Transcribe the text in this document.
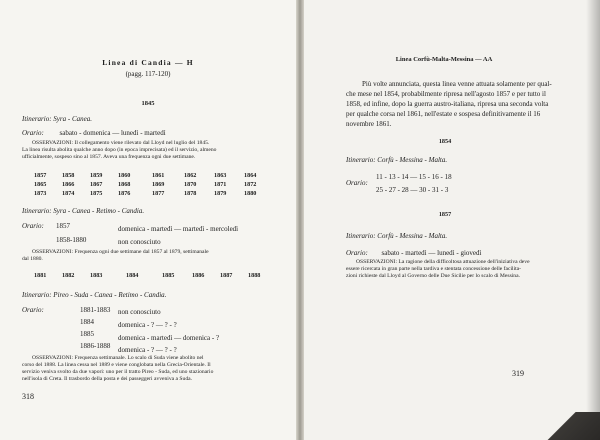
Linea di Candia — H
(pagg. 117-120)
1845
Itinerario: Syra - Canea.
Orario: sabato - domenica — lunedì - martedì
OSSERVAZIONI: Il collegamento viene rilevato dal Lloyd nel luglio del 1845.
La linea risulta abolita qualche anno dopo (in epoca imprecisata) ed il servizio, almeno
ufficialmente, sospeso sino al 1857. Aveva una frequenza ogni due settimane.
1857	1858	1859	1860	1861	1862	1863	1864
1865	1866	1867	1868	1869	1870	1871	1872
1873	1874	1875	1876	1877	1878	1879	1880
Itinerario: Syra - Canea - Retimo - Candia.
Orario: 1857	domenica - martedì — martedì - mercoledì
1858-1880	non conosciuto
OSSERVAZIONI: Frequenza ogni due settimane dal 1857 al 1879, settimanale
dal 1880.
1881	1882	1883	1884	1885	1886	1887	1888
Itinerario: Pireo - Suda - Canea - Retimo - Candia.
Orario:	1881-1883 non conosciuto
1884	domenica - ? — ? - ?
1885	domenica - martedì — domenica - ?
1886-1888 domenica - ? — ? - ?
OSSERVAZIONI: Frequenza settimanale. Lo scalo di Suda viene abolito nel
corso del 1888. La linea cessa nel 1889 e viene conglobata nella Grecia-Orientale. Il
servizio veniva svolto da due vapori: uno per il tratto Pireo - Suda, ed uno stazionario
nell'isola di Creta. Il trasbordo della posta e dei passeggeri avveniva a Suda.
318
Linea Corfù-Malta-Messina — AA
Più volte annunciata, questa linea venne attuata solamente per qual-
che mese nel 1854, probabilmente ripresa nell'agosto 1857 e per tutto il
1858, ed infine, dopo la guerra austro-italiana, ripresa una seconda volta
per qualche corsa nel 1861, nell'estate e sospesa definitivamente il 16
novembre 1861.
1854
Itinerario: Corfù - Messina - Malta.
Orario:
11 - 13 - 14 — 15 - 16 - 18
25 - 27 - 28 — 30 - 31 - 3
1857
Itinerario: Corfù - Messina - Malta.
Orario: sabato - martedì — lunedì - giovedì
OSSERVAZIONI: La ragione della difficoltosa attuazione dell'iniziativa deve
essere ricercata in gran parte nella tardiva e stentata concessione delle facilita-
zioni richieste dal Lloyd al Governo delle Due Sicilie per lo scalo di Messina.
319
